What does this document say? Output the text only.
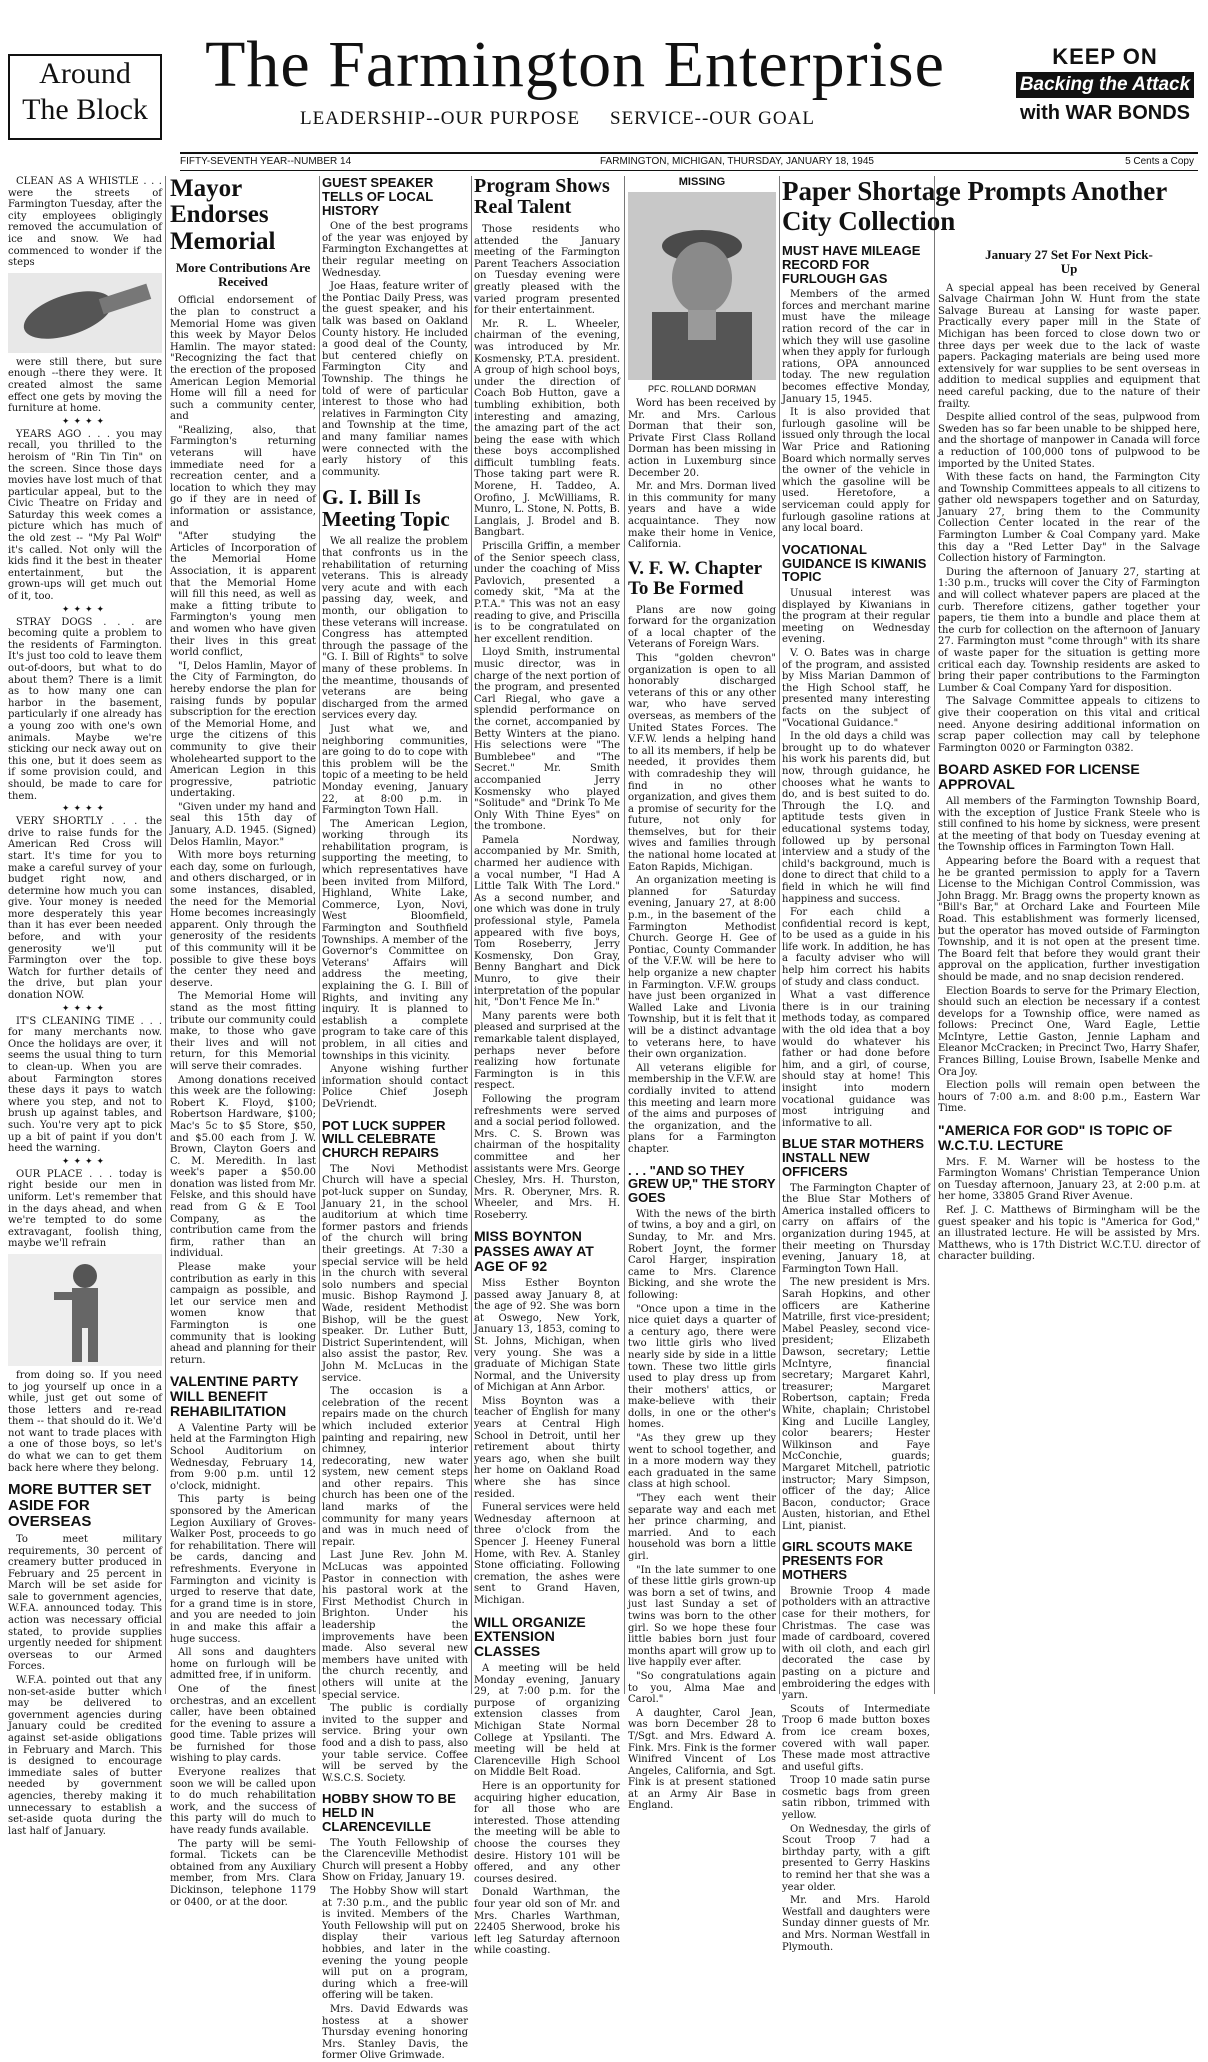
Around
The Block
The Farmington Enterprise
LEADERSHIP--OUR PURPOSE SERVICE--OUR GOAL
KEEP ON
Backing the Attack
with WAR BONDS
FIFTY-SEVENTH YEAR--NUMBER 14	FARMINGTON, MICHIGAN, THURSDAY, JANUARY 18, 1945	5 Cents a Copy

CLEAN AS A WHISTLE . . . were the streets of Farmington Tuesday, after the city employees obligingly removed the accumulation of ice and snow. We had commenced to wonder if the steps

were still there, but sure enough --there they were. It created almost the same effect one gets by moving the furniture at home.

✦✦✦✦

YEARS AGO . . . you may recall, you thrilled to the heroism of "Rin Tin Tin" on the screen. Since those days movies have lost much of that particular appeal, but to the Civic Theatre on Friday and Saturday this week comes a picture which has much of the old zest -- "My Pal Wolf" it's called. Not only will the kids find it the best in theater entertainment, but the grown-ups will get much out of it, too.

✦✦✦✦

STRAY DOGS . . . are becoming quite a problem to the residents of Farmington. It's just too cold to leave them out-of-doors, but what to do about them? There is a limit as to how many one can harbor in the basement, particularly if one already has a young zoo with one's own animals. Maybe we're sticking our neck away out on this one, but it does seem as if some provision could, and should, be made to care for them.

✦✦✦✦

VERY SHORTLY . . . the drive to raise funds for the American Red Cross will start. It's time for you to make a careful survey of your budget right now, and determine how much you can give. Your money is needed more desperately this year than it has ever been needed before, and with your generosity we'll put Farmington over the top. Watch for further details of the drive, but plan your donation NOW.

✦✦✦✦

IT'S CLEANING TIME . . . for many merchants now. Once the holidays are over, it seems the usual thing to turn to clean-up. When you are about Farmington stores these days it pays to watch where you step, and not to brush up against tables, and such. You're very apt to pick up a bit of paint if you don't heed the warning.

✦✦✦✦

OUR PLACE . . . today is right beside our men in uniform. Let's remember that in the days ahead, and when we're tempted to do some extravagant, foolish thing, maybe we'll refrain

from doing so. If you need to jog yourself up once in a while, just get out some of those letters and re-read them -- that should do it. We'd not want to trade places with a one of those boys, so let's do what we can to get them back here where they belong.

MORE BUTTER SET ASIDE FOR OVERSEAS

To meet military requirements, 30 percent of creamery butter produced in February and 25 percent in March will be set aside for sale to government agencies, W.F.A. announced today. This action was necessary official stated, to provide supplies urgently needed for shipment overseas to our Armed Forces.

W.F.A. pointed out that any non-set-aside butter which may be delivered to government agencies during January could be credited against set-aside obligations in February and March. This is designed to encourage immediate sales of butter needed by government agencies, thereby making it unnecessary to establish a set-aside quota during the last half of January.

Mayor Endorses Memorial
More Contributions Are Received

Official endorsement of the plan to construct a Memorial Home was given this week by Mayor Delos Hamlin. The mayor stated: "Recognizing the fact that the erection of the proposed American Legion Memorial Home will fill a need for such a community center, and

"Realizing, also, that Farmington's returning veterans will have immediate need for a recreation center, and a location to which they may go if they are in need of information or assistance, and

"After studying the Articles of Incorporation of the Memorial Home Association, it is apparent that the Memorial Home will fill this need, as well as make a fitting tribute to Farmington's young men and women who have given their lives in this great world conflict,

"I, Delos Hamlin, Mayor of the City of Farmington, do hereby endorse the plan for raising funds by popular subscription for the erection of the Memorial Home, and urge the citizens of this community to give their wholehearted support to the American Legion in this progressive, patriotic undertaking.

"Given under my hand and seal this 15th day of January, A.D. 1945. (Signed) Delos Hamlin, Mayor."

With more boys returning each day, some on furlough, and others discharged, or in some instances, disabled, the need for the Memorial Home becomes increasingly apparent. Only through the generosity of the residents of this community will it be possible to give these boys the center they need and deserve.

The Memorial Home will stand as the most fitting tribute our community could make, to those who gave their lives and will not return, for this Memorial will serve their comrades.

Among donations received this week are the following: Robert K. Floyd, $100; Robertson Hardware, $100; Mac's 5c to $5 Store, $50, and $5.00 each from J. W. Brown, Clayton Goers and C. M. Meredith. In last week's paper a $50.00 donation was listed from Mr. Felske, and this should have read from G & E Tool Company, as the contribution came from the firm, rather than an individual.

Please make your contribution as early in this campaign as possible, and let our service men and women know that Farmington is one community that is looking ahead and planning for their return.

VALENTINE PARTY WILL BENEFIT REHABILITATION

A Valentine Party will be held at the Farmington High School Auditorium on Wednesday, February 14, from 9:00 p.m. until 12 o'clock, midnight.

This party is being sponsored by the American Legion Auxiliary of Groves-Walker Post, proceeds to go for rehabilitation. There will be cards, dancing and refreshments. Everyone in Farmington and vicinity is urged to reserve that date, for a grand time is in store, and you are needed to join in and make this affair a huge success.

All sons and daughters home on furlough will be admitted free, if in uniform.

One of the finest orchestras, and an excellent caller, have been obtained for the evening to assure a good time. Table prizes will be furnished for those wishing to play cards.

Everyone realizes that soon we will be called upon to do much rehabilitation work, and the success of this party will do much to have ready funds available.

The party will be semi-formal. Tickets can be obtained from any Auxiliary member, from Mrs. Clara Dickinson, telephone 1179 or 0400, or at the door.

GUEST SPEAKER TELLS OF LOCAL HISTORY

One of the best programs of the year was enjoyed by Farmington Exchangettes at their regular meeting on Wednesday.

Joe Haas, feature writer of the Pontiac Daily Press, was the guest speaker, and his talk was based on Oakland County history. He included a good deal of the County, but centered chiefly on Farmington City and Township. The things he told of were of particular interest to those who had relatives in Farmington City and Township at the time, and many familiar names were connected with the early history of this community.

G. I. Bill Is Meeting Topic

We all realize the problem that confronts us in the rehabilitation of returning veterans. This is already very acute and with each passing day, week, and month, our obligation to these veterans will increase. Congress has attempted through the passage of the "G. I. Bill of Rights" to solve many of these problems. In the meantime, thousands of veterans are being discharged from the armed services every day.

Just what we, and neighboring communities, are going to do to cope with this problem will be the topic of a meeting to be held Monday evening, January 22, at 8:00 p.m. in Farmington Town Hall.

The American Legion, working through its rehabilitation program, is supporting the meeting, to which representatives have been invited from Milford, Highland, White Lake, Commerce, Lyon, Novi, West Bloomfield, Farmington and Southfield Townships. A member of the Governor's Committee on Veterans' Affairs will address the meeting, explaining the G. I. Bill of Rights, and inviting any inquiry. It is planned to establish a complete program to take care of this problem, in all cities and townships in this vicinity.

Anyone wishing further information should contact Police Chief Joseph DeVriendt.

POT LUCK SUPPER WILL CELEBRATE CHURCH REPAIRS

The Novi Methodist Church will have a special pot-luck supper on Sunday, January 21, in the school auditorium at which time former pastors and friends of the church will bring their greetings. At 7:30 a special service will be held in the church with several solo numbers and special music. Bishop Raymond J. Wade, resident Methodist Bishop, will be the guest speaker. Dr. Luther Butt, District Superintendent, will also assist the pastor, Rev. John M. McLucas in the service.

The occasion is a celebration of the recent repairs made on the church which included exterior painting and repairing, new chimney, interior redecorating, new water system, new cement steps and other repairs. This church has been one of the land marks of the community for many years and was in much need of repair.

Last June Rev. John M. McLucas was appointed Pastor in connection with his pastoral work at the First Methodist Church in Brighton. Under his leadership the improvements have been made. Also several new members have united with the church recently, and others will unite at the special service.

The public is cordially invited to the supper and service. Bring your own food and a dish to pass, also your table service. Coffee will be served by the W.S.C.S. Society.

HOBBY SHOW TO BE HELD IN CLARENCEVILLE

The Youth Fellowship of the Clarenceville Methodist Church will present a Hobby Show on Friday, January 19.

The Hobby Show will start at 7:30 p.m., and the public is invited. Members of the Youth Fellowship will put on display their various hobbies, and later in the evening the young people will put on a program, during which a free-will offering will be taken.

Mrs. David Edwards was hostess at a shower Thursday evening honoring Mrs. Stanley Davis, the former Olive Grimwade.

Program Shows Real Talent

Those residents who attended the January meeting of the Farmington Parent Teachers Association on Tuesday evening were greatly pleased with the varied program presented for their entertainment.

Mr. R. L. Wheeler, chairman of the evening, was introduced by Mr. Kosmensky, P.T.A. president. A group of high school boys, under the direction of Coach Bob Hutton, gave a tumbling exhibition, both interesting and amazing, the amazing part of the act being the ease with which these boys accomplished difficult tumbling feats. Those taking part were R. Morene, H. Taddeo, A. Orofino, J. McWilliams, R. Munro, L. Stone, N. Potts, B. Langlais, J. Brodel and B. Bangbart.

Priscilla Griffin, a member of the Senior speech class, under the coaching of Miss Pavlovich, presented a comedy skit, "Ma at the P.T.A." This was not an easy reading to give, and Priscilla is to be congratulated on her excellent rendition.

Lloyd Smith, instrumental music director, was in charge of the next portion of the program, and presented Carl Riegal, who gave a splendid performance on the cornet, accompanied by Betty Winters at the piano. His selections were "The Bumblebee" and "The Secret." Mr. Smith accompanied Jerry Kosmensky who played "Solitude" and "Drink To Me Only With Thine Eyes" on the trombone.

Pamela Nordway, accompanied by Mr. Smith, charmed her audience with a vocal number, "I Had A Little Talk With The Lord." As a second number, and one which was done in truly professional style, Pamela appeared with five boys, Tom Roseberry, Jerry Kosmensky, Don Gray, Benny Banghart and Dick Munro, to give their interpretation of the popular hit, "Don't Fence Me In."

Many parents were both pleased and surprised at the remarkable talent displayed, perhaps never before realizing how fortunate Farmington is in this respect.

Following the program refreshments were served and a social period followed. Mrs. C. S. Brown was chairman of the hospitality committee and her assistants were Mrs. George Chesley, Mrs. H. Thurston, Mrs. R. Oberyner, Mrs. R. Wheeler, and Mrs. H. Roseberry.

MISS BOYNTON PASSES AWAY AT AGE OF 92

Miss Esther Boynton passed away January 8, at the age of 92. She was born at Oswego, New York, January 13, 1853, coming to St. Johns, Michigan, when very young. She was a graduate of Michigan State Normal, and the University of Michigan at Ann Arbor.

Miss Boynton was a teacher of English for many years at Central High School in Detroit, until her retirement about thirty years ago, when she built her home on Oakland Road where she has since resided.

Funeral services were held Wednesday afternoon at three o'clock from the Spencer J. Heeney Funeral Home, with Rev. A. Stanley Stone officiating. Following cremation, the ashes were sent to Grand Haven, Michigan.

WILL ORGANIZE EXTENSION CLASSES

A meeting will be held Monday evening, January 29, at 7:00 p.m. for the purpose of organizing extension classes from Michigan State Normal College at Ypsilanti. The meeting will be held at Clarenceville High School on Middle Belt Road.

Here is an opportunity for acquiring higher education, for all those who are interested. Those attending the meeting will be able to choose the courses they desire. History 101 will be offered, and any other courses desired.

Donald Warthman, the four year old son of Mr. and Mrs. Charles Warthman, 22405 Sherwood, broke his left leg Saturday afternoon while coasting.

MISSING
PFC. ROLLAND DORMAN

Word has been received by Mr. and Mrs. Carlous Dorman that their son, Private First Class Rolland Dorman has been missing in action in Luxemburg since December 20.

Mr. and Mrs. Dorman lived in this community for many years and have a wide acquaintance. They now make their home in Venice, California.

V. F. W. Chapter To Be Formed

Plans are now going forward for the organization of a local chapter of the Veterans of Foreign Wars.

This "golden chevron" organization is open to all honorably discharged veterans of this or any other war, who have served overseas, as members of the United States Forces. The V.F.W. lends a helping hand to all its members, if help be needed, it provides them with comradeship they will find in no other organization, and gives them a promise of security for the future, not only for themselves, but for their wives and families through the national home located at Eaton Rapids, Michigan.

An organization meeting is planned for Saturday evening, January 27, at 8:00 p.m., in the basement of the Farmington Methodist Church. George H. Gee of Pontiac, County Commander of the V.F.W. will be here to help organize a new chapter in Farmington. V.F.W. groups have just been organized in Walled Lake and Livonia Township, but it is felt that it will be a distinct advantage to veterans here, to have their own organization.

All veterans eligible for membership in the V.F.W. are cordially invited to attend this meeting and learn more of the aims and purposes of the organization, and the plans for a Farmington chapter.

. . . "AND SO THEY GREW UP," THE STORY GOES

With the news of the birth of twins, a boy and a girl, on Sunday, to Mr. and Mrs. Robert Joynt, the former Carol Harger, inspiration came to Mrs. Clarence Bicking, and she wrote the following:

"Once upon a time in the nice quiet days a quarter of a century ago, there were two little girls who lived nearly side by side in a little town. These two little girls used to play dress up from their mothers' attics, or make-believe with their dolls, in one or the other's homes.

"As they grew up they went to school together, and in a more modern way they each graduated in the same class at high school.

"They each went their separate way and each met her prince charming, and married. And to each household was born a little girl.

"In the late summer to one of these little girls grown-up was born a set of twins, and just last Sunday a set of twins was born to the other girl. So we hope these four little babies born just four months apart will grow up to live happily ever after.

"So congratulations again to you, Alma Mae and Carol."

A daughter, Carol Jean, was born December 28 to T/Sgt. and Mrs. Edward A. Fink. Mrs. Fink is the former Winifred Vincent of Los Angeles, California, and Sgt. Fink is at present stationed at an Army Air Base in England.

Paper Shortage Prompts Another City Collection
MUST HAVE MILEAGE RECORD FOR FURLOUGH GAS

Members of the armed forces and merchant marine must have the mileage ration record of the car in which they will use gasoline when they apply for furlough rations, OPA announced today. The new regulation becomes effective Monday, January 15, 1945.

It is also provided that furlough gasoline will be issued only through the local War Price and Rationing Board which normally serves the owner of the vehicle in which the gasoline will be used. Heretofore, a serviceman could apply for furlough gasoline rations at any local board.

VOCATIONAL GUIDANCE IS KIWANIS TOPIC

Unusual interest was displayed by Kiwanians in the program at their regular meeting on Wednesday evening.

V. O. Bates was in charge of the program, and assisted by Miss Marian Dammon of the High School staff, he presented many interesting facts on the subject of "Vocational Guidance."

In the old days a child was brought up to do whatever his work his parents did, but now, through guidance, he chooses what he wants to do, and is best suited to do. Through the I.Q. and aptitude tests given in educational systems today, followed up by personal interview and a study of the child's background, much is done to direct that child to a field in which he will find happiness and success.

For each child a confidential record is kept, to be used as a guide in his life work. In addition, he has a faculty adviser who will help him correct his habits of study and class conduct.

What a vast difference there is in our training methods today, as compared with the old idea that a boy would do whatever his father or had done before him, and a girl, of course, should stay at home! This insight into modern vocational guidance was most intriguing and informative to all.

BLUE STAR MOTHERS INSTALL NEW OFFICERS

The Farmington Chapter of the Blue Star Mothers of America installed officers to carry on affairs of the organization during 1945, at their meeting on Thursday evening, January 18, at Farmington Town Hall.

The new president is Mrs. Sarah Hopkins, and other officers are Katherine Matrille, first vice-president; Mabel Peasley, second vice-president; Elizabeth Dawson, secretary; Lettie McIntyre, financial secretary; Margaret Kahrl, treasurer; Margaret Robertson, captain; Freda White, chaplain; Christobel King and Lucille Langley, color bearers; Hester Wilkinson and Faye McConchie, guards; Margaret Mitchell, patriotic instructor; Mary Simpson, officer of the day; Alice Bacon, conductor; Grace Austen, historian, and Ethel Lint, pianist.

GIRL SCOUTS MAKE PRESENTS FOR MOTHERS

Brownie Troop 4 made potholders with an attractive case for their mothers, for Christmas. The case was made of cardboard, covered with oil cloth, and each girl decorated the case by pasting on a picture and embroidering the edges with yarn.

Scouts of Intermediate Troop 6 made button boxes from ice cream boxes, covered with wall paper. These made most attractive and useful gifts.

Troop 10 made satin purse cosmetic bags from green satin ribbon, trimmed with yellow.

On Wednesday, the girls of Scout Troop 7 had a birthday party, with a gift presented to Gerry Haskins to remind her that she was a year older.

Mr. and Mrs. Harold Westfall and daughters were Sunday dinner guests of Mr. and Mrs. Norman Westfall in Plymouth.

January 27 Set For Next Pick-Up

A special appeal has been received by General Salvage Chairman John W. Hunt from the state Salvage Bureau at Lansing for waste paper. Practically every paper mill in the State of Michigan has been forced to close down two or three days per week due to the lack of waste papers. Packaging materials are being used more extensively for war supplies to be sent overseas in addition to medical supplies and equipment that need careful packing, due to the nature of their frailty.

Despite allied control of the seas, pulpwood from Sweden has so far been unable to be shipped here, and the shortage of manpower in Canada will force a reduction of 100,000 tons of pulpwood to be imported by the United States.

With these facts on hand, the Farmington City and Township Committees appeals to all citizens to gather old newspapers together and on Saturday, January 27, bring them to the Community Collection Center located in the rear of the Farmington Lumber & Coal Company yard. Make this day a "Red Letter Day" in the Salvage Collection history of Farmington.

During the afternoon of January 27, starting at 1:30 p.m., trucks will cover the City of Farmington and will collect whatever papers are placed at the curb. Therefore citizens, gather together your papers, tie them into a bundle and place them at the curb for collection on the afternoon of January 27. Farmington must "come through" with its share of waste paper for the situation is getting more critical each day. Township residents are asked to bring their paper contributions to the Farmington Lumber & Coal Company Yard for disposition.

The Salvage Committee appeals to citizens to give their cooperation on this vital and critical need. Anyone desiring additional information on scrap paper collection may call by telephone Farmington 0020 or Farmington 0382.

BOARD ASKED FOR LICENSE APPROVAL

All members of the Farmington Township Board, with the exception of Justice Frank Steele who is still confined to his home by sickness, were present at the meeting of that body on Tuesday evening at the Township offices in Farmington Town Hall.

Appearing before the Board with a request that he be granted permission to apply for a Tavern License to the Michigan Control Commission, was John Bragg. Mr. Bragg owns the property known as "Bill's Bar," at Orchard Lake and Fourteen Mile Road. This establishment was formerly licensed, but the operator has moved outside of Farmington Township, and it is not open at the present time. The Board felt that before they would grant their approval on the application, further investigation should be made, and no snap decision rendered.

Election Boards to serve for the Primary Election, should such an election be necessary if a contest develops for a Township office, were named as follows: Precinct One, Ward Eagle, Lettie McIntyre, Lettie Gaston, Jennie Lapham and Eleanor McCracken; in Precinct Two, Harry Shafer, Frances Billing, Louise Brown, Isabelle Menke and Ora Joy.

Election polls will remain open between the hours of 7:00 a.m. and 8:00 p.m., Eastern War Time.

"AMERICA FOR GOD" IS TOPIC OF W.C.T.U. LECTURE

Mrs. F. M. Warner will be hostess to the Farmington Womans' Christian Temperance Union on Tuesday afternoon, January 23, at 2:00 p.m. at her home, 33805 Grand River Avenue.

Ref. J. C. Matthews of Birmingham will be the guest speaker and his topic is "America for God," an illustrated lecture. He will be assisted by Mrs. Matthews, who is 17th District W.C.T.U. director of character building.
